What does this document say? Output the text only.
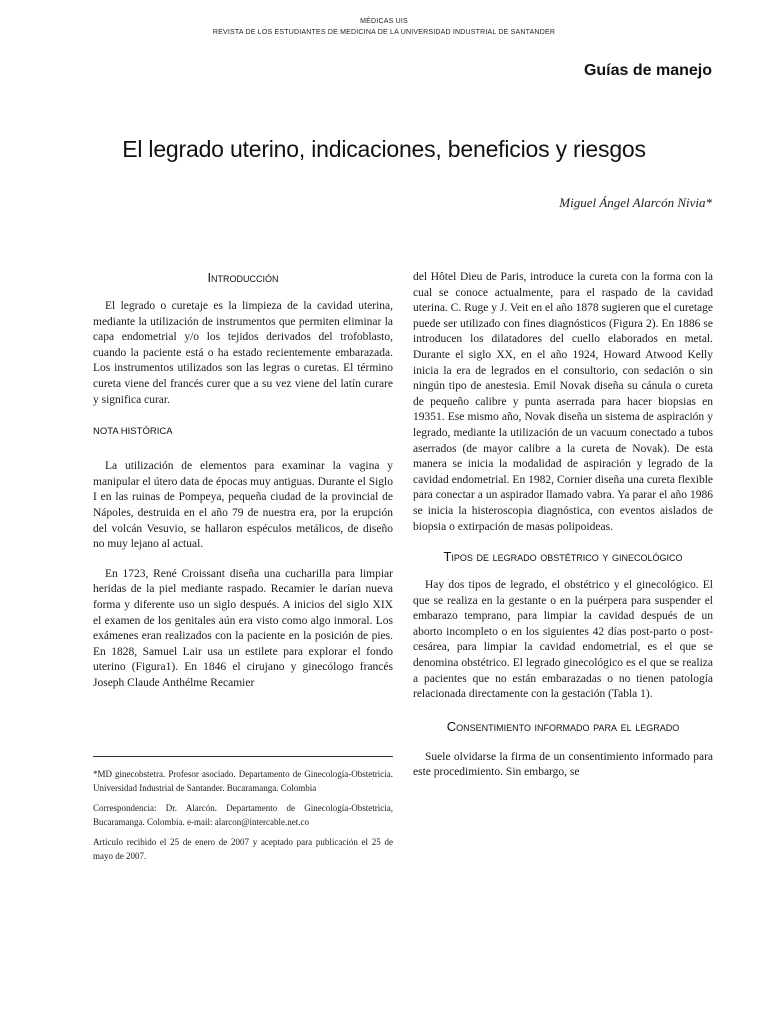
MÉDICAS UIS
REVISTA DE LOS ESTUDIANTES DE MEDICINA DE LA UNIVERSIDAD INDUSTRIAL DE SANTANDER
Guías de manejo
El legrado uterino, indicaciones, beneficios y riesgos
Miguel Ángel Alarcón Nivia*
Introducción

El legrado o curetaje es la limpieza de la cavidad uterina, mediante la utilización de instrumentos que permiten eliminar la capa endometrial y/o los tejidos derivados del trofoblasto, cuando la paciente está o ha estado recientemente embarazada. Los instrumentos utilizados son las legras o curetas. El término cureta viene del francés curer que a su vez viene del latín curare y significa curar.

NOTA HISTÓRICA

La utilización de elementos para examinar la vagina y manipular el útero data de épocas muy antiguas. Durante el Siglo I en las ruinas de Pompeya, pequeña ciudad de la provincial de Nápoles, destruida en el año 79 de nuestra era, por la erupción del volcán Vesuvio, se hallaron espéculos metálicos, de diseño no muy lejano al actual.

En 1723, René Croissant diseña una cucharilla para limpiar heridas de la piel mediante raspado. Recamier le darían nueva forma y diferente uso un siglo después. A inicios del siglo XIX el examen de los genitales aún era visto como algo inmoral. Los exámenes eran realizados con la paciente en la posición de pies. En 1828, Samuel Lair usa un estilete para explorar el fondo uterino (Figura1). En 1846 el cirujano y ginecólogo francés Joseph Claude Anthélme Recamier

*MD ginecobstetra. Profesor asociado. Departamento de Ginecología-Obstetricia. Universidad Industrial de Santander. Bucaramanga. Colombia

Correspondencia: Dr. Alarcón. Departamento de Ginecología-Obstetricia, Bucaramanga. Colombia. e-mail: alarcon@intercable.net.co

Artículo recibido el 25 de enero de 2007 y aceptado para publicación el 25 de mayo de 2007.

del Hôtel Dieu de Paris, introduce la cureta con la forma con la cual se conoce actualmente, para el raspado de la cavidad uterina. C. Ruge y J. Veit en el año 1878 sugieren que el curetage puede ser utilizado con fines diagnósticos (Figura 2). En 1886 se introducen los dilatadores del cuello elaborados en metal. Durante el siglo XX, en el año 1924, Howard Atwood Kelly inicia la era de legrados en el consultorio, con sedación o sin ningún tipo de anestesia. Emil Novak diseña su cánula o cureta de pequeño calibre y punta aserrada para hacer biopsias en 19351. Ese mismo año, Novak diseña un sistema de aspiración y legrado, mediante la utilización de un vacuum conectado a tubos aserrados (de mayor calibre a la cureta de Novak). De esta manera se inicia la modalidad de aspiración y legrado de la cavidad endometrial. En 1982, Cornier diseña una cureta flexible para conectar a un aspirador llamado vabra. Ya parar el año 1986 se inicia la histeroscopia diagnóstica, con eventos aislados de biopsia o extirpación de masas polipoideas.

Tipos de legrado obstétrico y ginecológico

Hay dos tipos de legrado, el obstétrico y el ginecológico. El que se realiza en la gestante o en la puérpera para suspender el embarazo temprano, para limpiar la cavidad después de un aborto incompleto o en los siguientes 42 días post-parto o post-cesárea, para limpiar la cavidad endometrial, es el que se denomina obstétrico. El legrado ginecológico es el que se realiza a pacientes que no están embarazadas o no tienen patología relacionada directamente con la gestación (Tabla 1).

Consentimiento informado para el legrado

Suele olvidarse la firma de un consentimiento informado para este procedimiento. Sin embargo, se
